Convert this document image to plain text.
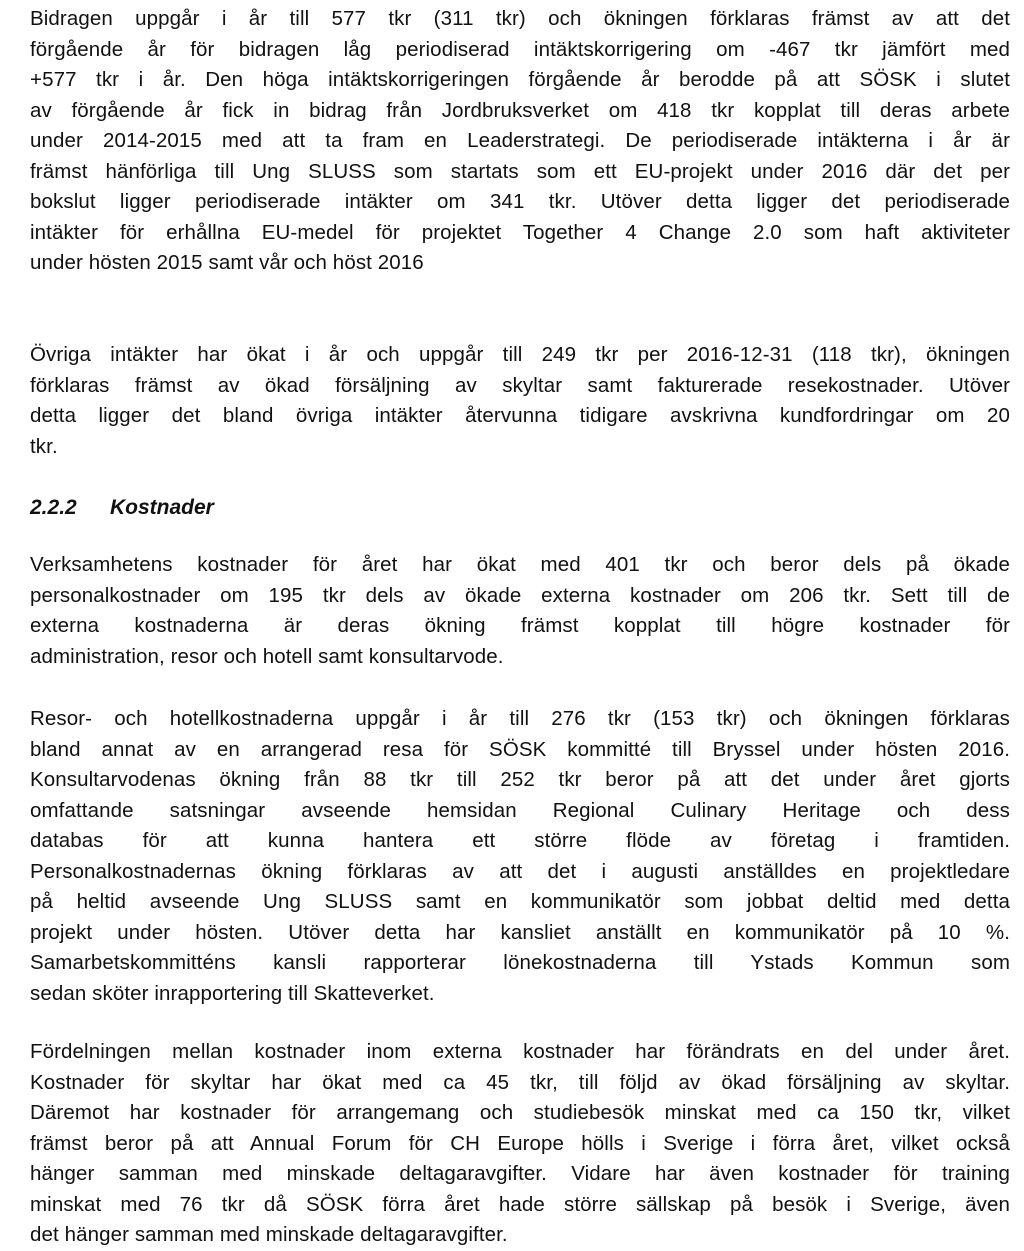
Bidragen uppgår i år till 577 tkr (311 tkr) och ökningen förklaras främst av att det
förgående år för bidragen låg periodiserad intäktskorrigering om -467 tkr jämfört med
+577 tkr i år. Den höga intäktskorrigeringen förgående år berodde på att SÖSK i slutet
av förgående år fick in bidrag från Jordbruksverket om 418 tkr kopplat till deras arbete
under 2014-2015 med att ta fram en Leaderstrategi. De periodiserade intäkterna i år är
främst hänförliga till Ung SLUSS som startats som ett EU-projekt under 2016 där det per
bokslut ligger periodiserade intäkter om 341 tkr. Utöver detta ligger det periodiserade
intäkter för erhållna EU-medel för projektet Together 4 Change 2.0 som haft aktiviteter
under hösten 2015 samt vår och höst 2016

Övriga intäkter har ökat i år och uppgår till 249 tkr per 2016-12-31 (118 tkr), ökningen
förklaras främst av ökad försäljning av skyltar samt fakturerade resekostnader. Utöver
detta ligger det bland övriga intäkter återvunna tidigare avskrivna kundfordringar om 20
tkr.

2.2.2 Kostnader

Verksamhetens kostnader för året har ökat med 401 tkr och beror dels på ökade
personalkostnader om 195 tkr dels av ökade externa kostnader om 206 tkr. Sett till de
externa kostnaderna är deras ökning främst kopplat till högre kostnader för
administration, resor och hotell samt konsultarvode.

Resor- och hotellkostnaderna uppgår i år till 276 tkr (153 tkr) och ökningen förklaras
bland annat av en arrangerad resa för SÖSK kommitté till Bryssel under hösten 2016.
Konsultarvodenas ökning från 88 tkr till 252 tkr beror på att det under året gjorts
omfattande satsningar avseende hemsidan Regional Culinary Heritage och dess
databas för att kunna hantera ett större flöde av företag i framtiden.
Personalkostnadernas ökning förklaras av att det i augusti anställdes en projektledare
på heltid avseende Ung SLUSS samt en kommunikatör som jobbat deltid med detta
projekt under hösten. Utöver detta har kansliet anställt en kommunikatör på 10 %.
Samarbetskommitténs kansli rapporterar lönekostnaderna till Ystads Kommun som
sedan sköter inrapportering till Skatteverket.

Fördelningen mellan kostnader inom externa kostnader har förändrats en del under året.
Kostnader för skyltar har ökat med ca 45 tkr, till följd av ökad försäljning av skyltar.
Däremot har kostnader för arrangemang och studiebesök minskat med ca 150 tkr, vilket
främst beror på att Annual Forum för CH Europe hölls i Sverige i förra året, vilket också
hänger samman med minskade deltagaravgifter. Vidare har även kostnader för training
minskat med 76 tkr då SÖSK förra året hade större sällskap på besök i Sverige, även
det hänger samman med minskade deltagaravgifter.
